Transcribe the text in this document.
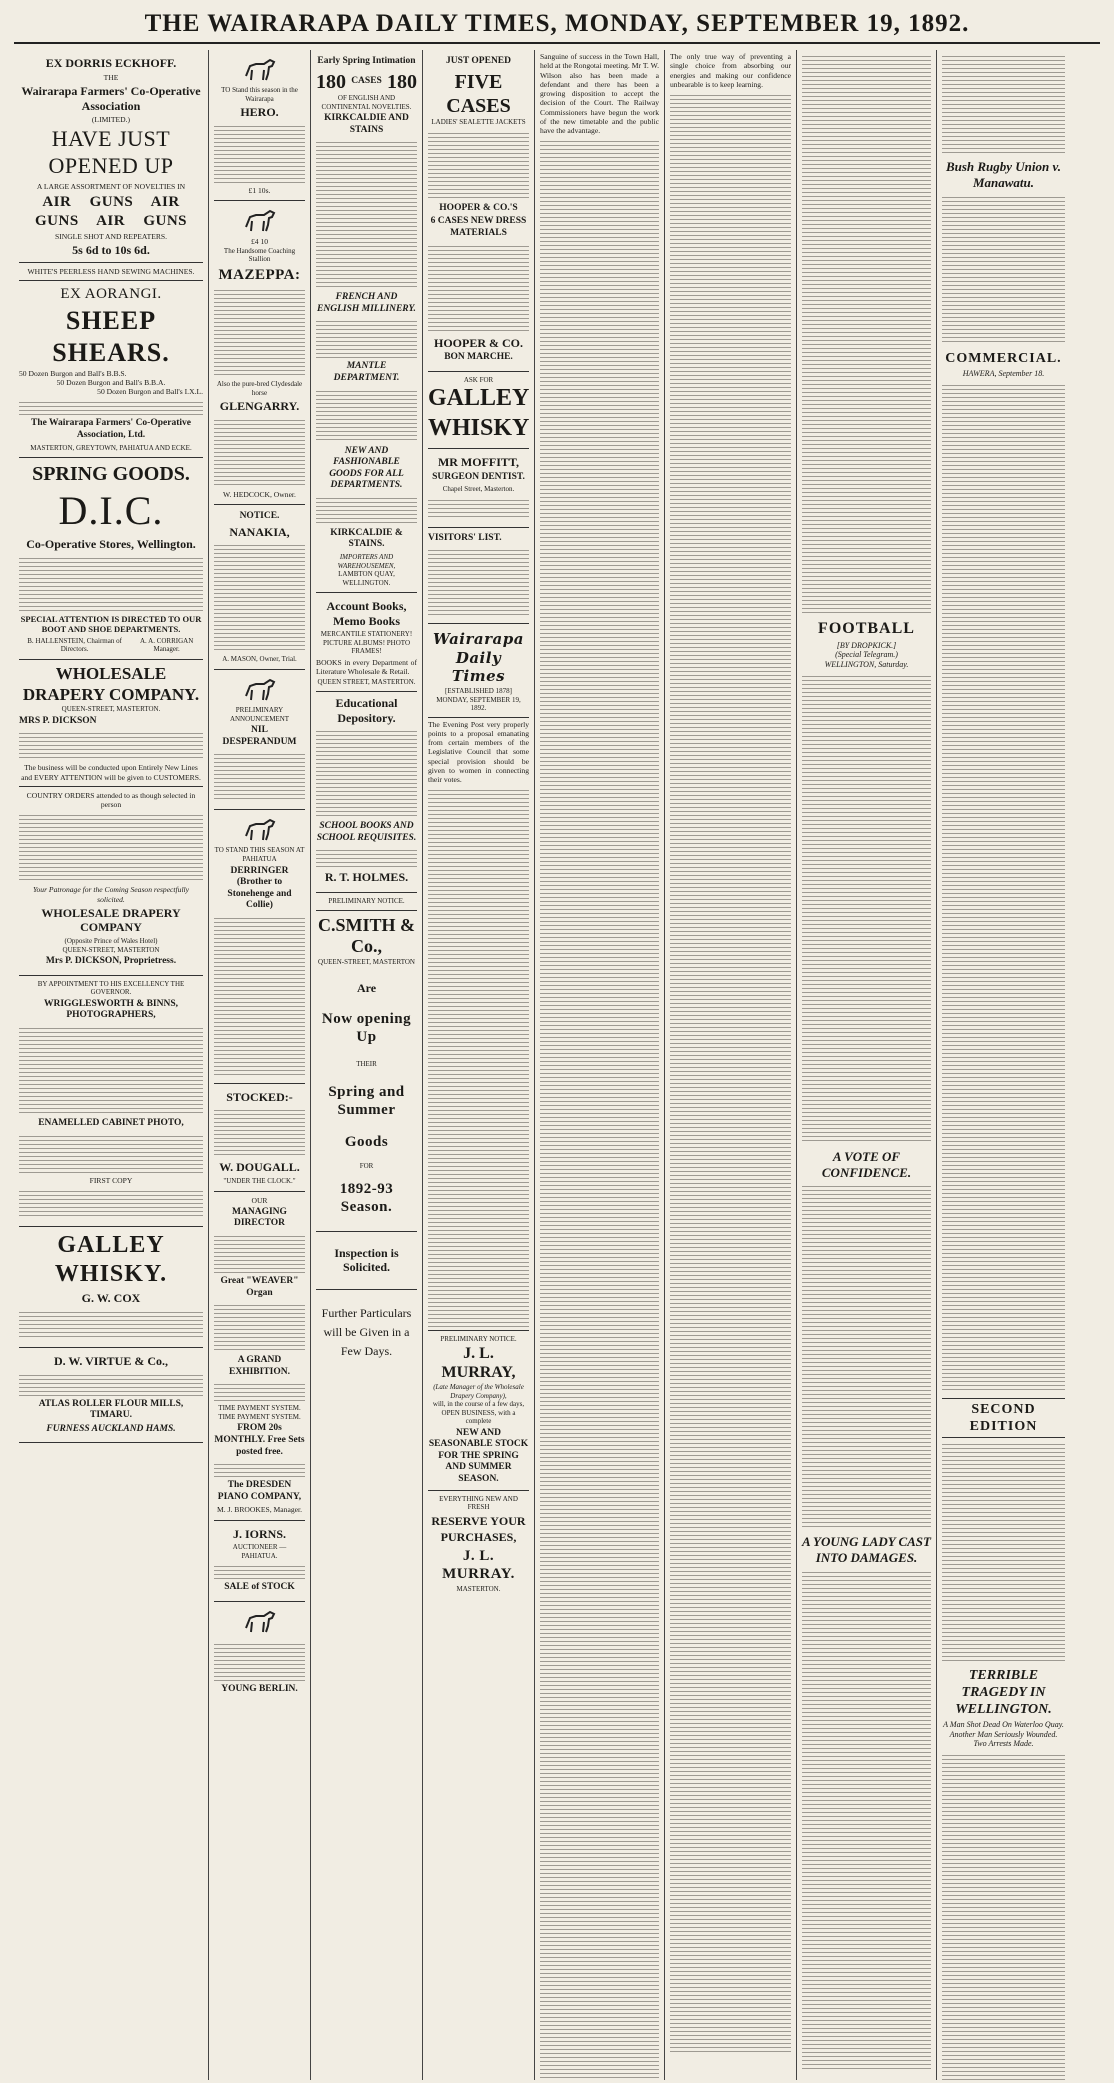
THE WAIRARAPA DAILY TIMES, MONDAY, SEPTEMBER 19, 1892.
EX DORRIS ECKHOFF.
THE
Wairarapa Farmers' Co-Operative Association
(LIMITED.)
HAVE JUST OPENED UP
A LARGE ASSORTMENT OF NOVELTIES IN
AIR GUNS AIR GUNS AIR GUNS
SINGLE SHOT AND REPEATERS.
5s 6d to 10s 6d.
WHITE'S PEERLESS HAND SEWING MACHINES.
EX AORANGI.
SHEEP SHEARS.
50 Dozen Burgon and Ball's B.B.S.
50 Dozen Burgon and Ball's B.B.A.
50 Dozen Burgon and Ball's I.X.L.
The Wairarapa Farmers' Co-Operative Association, Ltd.
MASTERTON, GREYTOWN, PAHIATUA AND ECKE.
SPRING GOODS.
D.I.C.
Co-Operative Stores, Wellington.
SPECIAL ATTENTION IS DIRECTED TO OUR BOOT AND SHOE DEPARTMENTS.
B. HALLENSTEIN, Chairman of Directors.
A. A. CORRIGAN Manager.
WHOLESALE DRAPERY COMPANY.
QUEEN-STREET, MASTERTON.
MRS P. DICKSON
The business will be conducted upon Entirely New Lines and EVERY ATTENTION will be given to CUSTOMERS.
COUNTRY ORDERS attended to as though selected in person
Your Patronage for the Coming Season respectfully solicited.
WHOLESALE DRAPERY COMPANY
(Opposite Prince of Wales Hotel)
QUEEN-STREET, MASTERTON
Mrs P. DICKSON, Proprietress.
BY APPOINTMENT TO HIS EXCELLENCY THE GOVERNOR.
WRIGGLESWORTH & BINNS, PHOTOGRAPHERS,
ENAMELLED CABINET PHOTO,
FIRST COPY
GALLEY WHISKY.
G. W. COX
D. W. VIRTUE & Co.,
ATLAS ROLLER FLOUR MILLS, TIMARU.
FURNESS AUCKLAND HAMS.
TO Stand this season in the Wairarapa
HERO.
£1 10s.
£4 10
The Handsome Coaching Stallion
MAZEPPA:
Also the pure-bred Clydesdale horse
GLENGARRY.
W. HEDCOCK, Owner.
NOTICE.
NANAKIA,
A. MASON, Owner, Trial.
PRELIMINARY ANNOUNCEMENT
NIL DESPERANDUM
TO STAND THIS SEASON AT PAHIATUA
DERRINGER (Brother to Stonehenge and Collie)
STOCKED:-
W. DOUGALL.
"UNDER THE CLOCK."
OUR
MANAGING DIRECTOR
Great "WEAVER" Organ
A GRAND EXHIBITION.
TIME PAYMENT SYSTEM. TIME PAYMENT SYSTEM.
FROM 20s MONTHLY. Free Sets posted free.
The DRESDEN PIANO COMPANY,
M. J. BROOKES, Manager.
J. IORNS.
AUCTIONEER — PAHIATUA.
SALE of STOCK
YOUNG BERLIN.
Early Spring Intimation
180 CASES 180
OF ENGLISH AND CONTINENTAL NOVELTIES.
KIRKCALDIE AND STAINS
FRENCH AND ENGLISH MILLINERY.
MANTLE DEPARTMENT.
NEW AND FASHIONABLE GOODS FOR ALL DEPARTMENTS.
KIRKCALDIE & STAINS.
IMPORTERS AND WAREHOUSEMEN,
LAMBTON QUAY, WELLINGTON.
Account Books, Memo Books
MERCANTILE STATIONERY! PICTURE ALBUMS! PHOTO FRAMES!
BOOKS in every Department of Literature Wholesale & Retail.
QUEEN STREET, MASTERTON.
Educational Depository.
SCHOOL BOOKS AND SCHOOL REQUISITES.
R. T. HOLMES.
PRELIMINARY NOTICE.
C.SMITH & Co.,
QUEEN-STREET, MASTERTON
Are
Now opening Up
THEIR
Spring and Summer
Goods
FOR
1892-93 Season.
Inspection is Solicited.
Further Particulars will be Given in a Few Days.
JUST OPENED
FIVE CASES
LADIES' SEALETTE JACKETS
HOOPER & CO.'S
6 CASES NEW DRESS MATERIALS
HOOPER & CO.
BON MARCHE.
ASK FOR
GALLEY
WHISKY
MR MOFFITT,
SURGEON DENTIST.
Chapel Street, Masterton.
VISITORS' LIST.
Wairarapa Daily Times
[ESTABLISHED 1878]
MONDAY, SEPTEMBER 19, 1892.
The Evening Post very properly points to a proposal emanating from certain members of the Legislative Council that some special provision should be given to women in connecting their votes.
PRELIMINARY NOTICE.
J. L. MURRAY,
(Late Manager of the Wholesale Drapery Company),
will, in the course of a few days, OPEN BUSINESS, with a complete
NEW AND SEASONABLE STOCK FOR THE SPRING AND SUMMER SEASON.
EVERYTHING NEW AND FRESH
RESERVE YOUR
PURCHASES,
J. L. MURRAY.
MASTERTON.
Sanguine of success in the Town Hall, held at the Rongotai meeting. Mr T. W. Wilson also has been made a defendant and there has been a growing disposition to accept the decision of the Court. The Railway Commissioners have begun the work of the new timetable and the public have the advantage.
The only true way of preventing a single choice from absorbing our energies and making our confidence unbearable is to keep learning.
FOOTBALL
[BY DROPKICK.]
(Special Telegram.)
WELLINGTON, Saturday.
A VOTE OF CONFIDENCE.
A YOUNG LADY CAST INTO DAMAGES.
Bush Rugby Union v. Manawatu.
COMMERCIAL.
HAWERA, September 18.
SECOND EDITION
TERRIBLE TRAGEDY IN WELLINGTON.
A Man Shot Dead On Waterloo Quay.
Another Man Seriously Wounded.
Two Arrests Made.
